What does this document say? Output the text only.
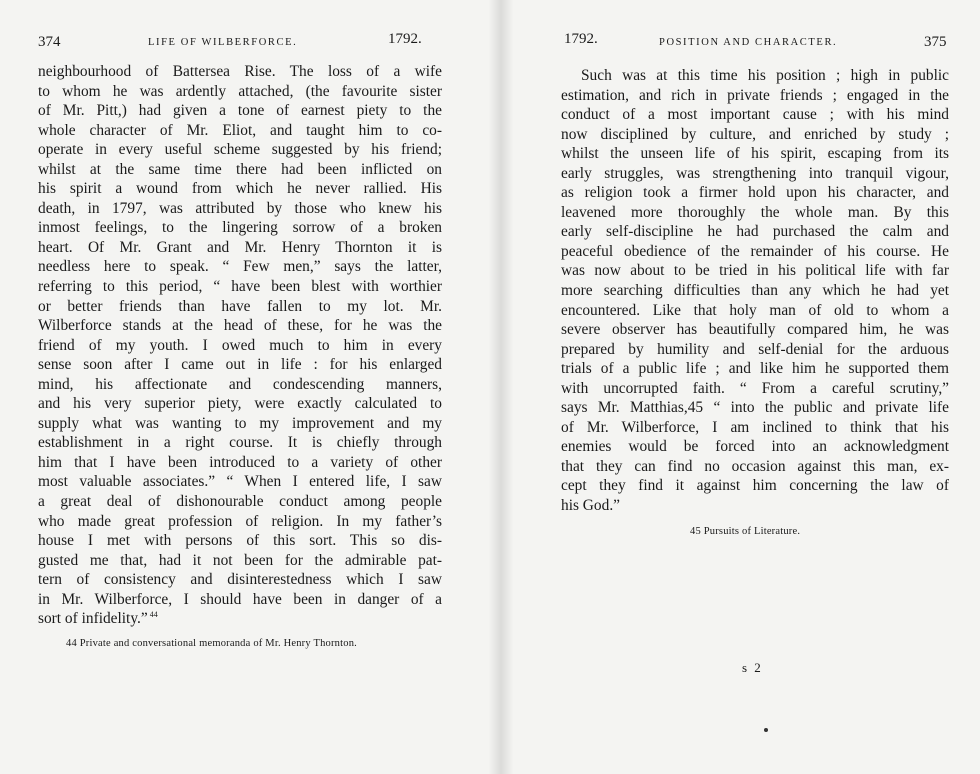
374	LIFE OF WILBERFORCE.	1792.
neighbourhood of Battersea Rise. The loss of a wife
to whom he was ardently attached, (the favourite sister
of Mr. Pitt,) had given a tone of earnest piety to the
whole character of Mr. Eliot, and taught him to co-
operate in every useful scheme suggested by his friend;
whilst at the same time there had been inflicted on
his spirit a wound from which he never rallied. His
death, in 1797, was attributed by those who knew his
inmost feelings, to the lingering sorrow of a broken
heart. Of Mr. Grant and Mr. Henry Thornton it is
needless here to speak. “ Few men,” says the latter,
referring to this period, “ have been blest with worthier
or better friends than have fallen to my lot. Mr.
Wilberforce stands at the head of these, for he was the
friend of my youth. I owed much to him in every
sense soon after I came out in life : for his enlarged
mind, his affectionate and condescending manners,
and his very superior piety, were exactly calculated to
supply what was wanting to my improvement and my
establishment in a right course. It is chiefly through
him that I have been introduced to a variety of other
most valuable associates.” “ When I entered life, I saw
a great deal of dishonourable conduct among people
who made great profession of religion. In my father’s
house I met with persons of this sort. This so dis-
gusted me that, had it not been for the admirable pat-
tern of consistency and disinterestedness which I saw
in Mr. Wilberforce, I should have been in danger of a
sort of infidelity.” $^{44}$
44 Private and conversational memoranda of Mr. Henry Thornton.
1792.	POSITION AND CHARACTER.	375
Such was at this time his position ; high in public
estimation, and rich in private friends ; engaged in the
conduct of a most important cause ; with his mind
now disciplined by culture, and enriched by study ;
whilst the unseen life of his spirit, escaping from its
early struggles, was strengthening into tranquil vigour,
as religion took a firmer hold upon his character, and
leavened more thoroughly the whole man. By this
early self-discipline he had purchased the calm and
peaceful obedience of the remainder of his course. He
was now about to be tried in his political life with far
more searching difficulties than any which he had yet
encountered. Like that holy man of old to whom a
severe observer has beautifully compared him, he was
prepared by humility and self-denial for the arduous
trials of a public life ; and like him he supported them
with uncorrupted faith. “ From a careful scrutiny,”
says Mr. Matthias,45 “ into the public and private life
of Mr. Wilberforce, I am inclined to think that his
enemies would be forced into an acknowledgment
that they can find no occasion against this man, ex-
cept they find it against him concerning the law of
his God.”
45 Pursuits of Literature.
s 2
